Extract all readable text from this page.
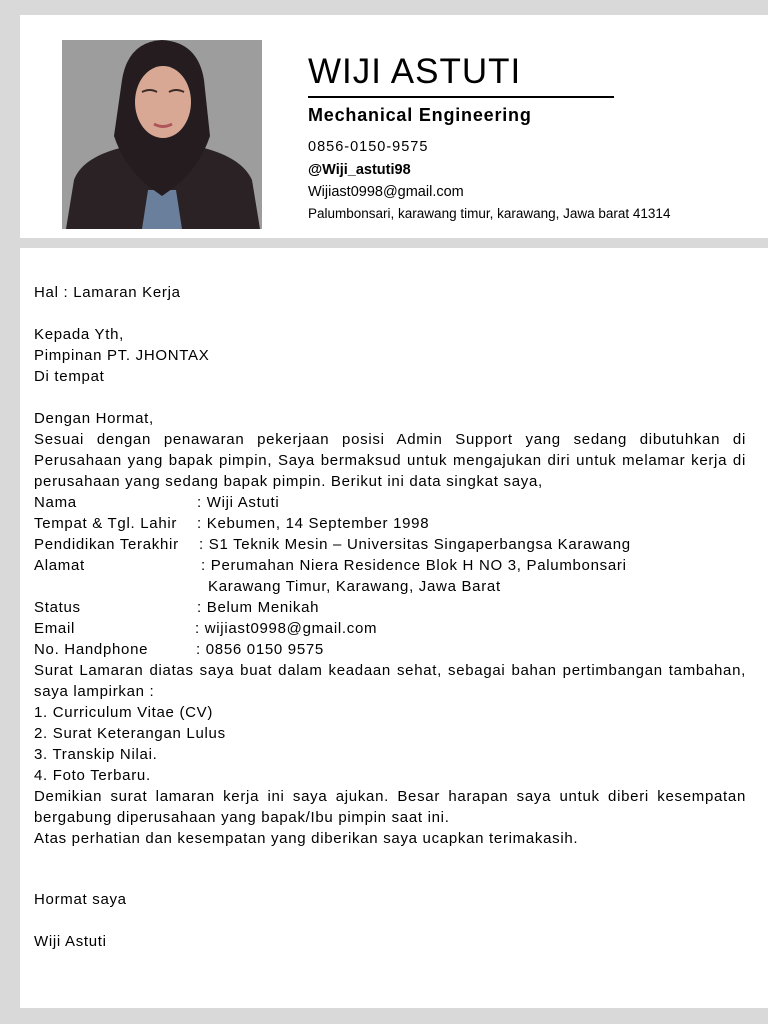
WIJI ASTUTI
Mechanical Engineering
0856-0150-9575
@Wiji_astuti98
Wijiast0998@gmail.com
Palumbonsari, karawang timur, karawang, Jawa barat 41314
Hal : Lamaran Kerja
Kepada Yth,
Pimpinan PT. JHONTAX
Di tempat
Dengan Hormat,
Sesuai dengan penawaran pekerjaan posisi Admin Support yang sedang dibutuhkan di Perusahaan yang bapak pimpin, Saya bermaksud untuk mengajukan diri untuk melamar kerja di perusahaan yang sedang bapak pimpin. Berikut ini data singkat saya,
Nama	: Wiji Astuti
Tempat & Tgl. Lahir : Kebumen, 14 September 1998
Pendidikan Terakhir : S1 Teknik Mesin – Universitas Singaperbangsa Karawang
Alamat	: Perumahan Niera Residence Blok H NO 3, Palumbonsari
Karawang Timur, Karawang, Jawa Barat
Status	: Belum Menikah
Email	: wijiast0998@gmail.com
No. Handphone	: 0856 0150 9575
Surat Lamaran diatas saya buat dalam keadaan sehat, sebagai bahan pertimbangan tambahan, saya lampirkan :
1. Curriculum Vitae (CV)
2. Surat Keterangan Lulus
3. Transkip Nilai.
4. Foto Terbaru.
Demikian surat lamaran kerja ini saya ajukan. Besar harapan saya untuk diberi kesempatan bergabung diperusahaan yang bapak/Ibu pimpin saat ini.
Atas perhatian dan kesempatan yang diberikan saya ucapkan terimakasih.
Hormat saya
Wiji Astuti
